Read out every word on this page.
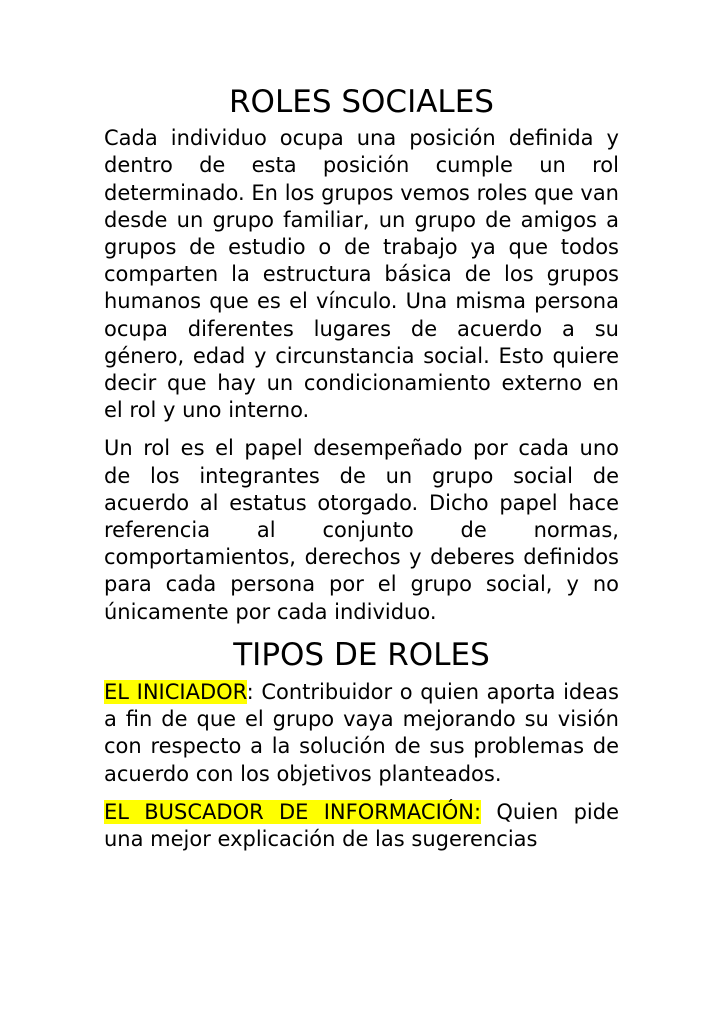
ROLES SOCIALES

Cada individuo ocupa una posición definida y dentro de esta posición cumple un rol determinado. En los grupos vemos roles que van desde un grupo familiar, un grupo de amigos a grupos de estudio o de trabajo ya que todos comparten la estructura básica de los grupos humanos que es el vínculo. Una misma persona ocupa diferentes lugares de acuerdo a su género, edad y circunstancia social. Esto quiere decir que hay un condicionamiento externo en el rol y uno interno.

Un rol es el papel desempeñado por cada uno de los integrantes de un grupo social de acuerdo al estatus otorgado. Dicho papel hace referencia al conjunto de normas, comportamientos, derechos y deberes definidos para cada persona por el grupo social, y no únicamente por cada individuo.

TIPOS DE ROLES

EL INICIADOR: Contribuidor o quien aporta ideas a fin de que el grupo vaya mejorando su visión con respecto a la solución de sus problemas de acuerdo con los objetivos planteados.

EL BUSCADOR DE INFORMACIÓN: Quien pide una mejor explicación de las sugerencias
